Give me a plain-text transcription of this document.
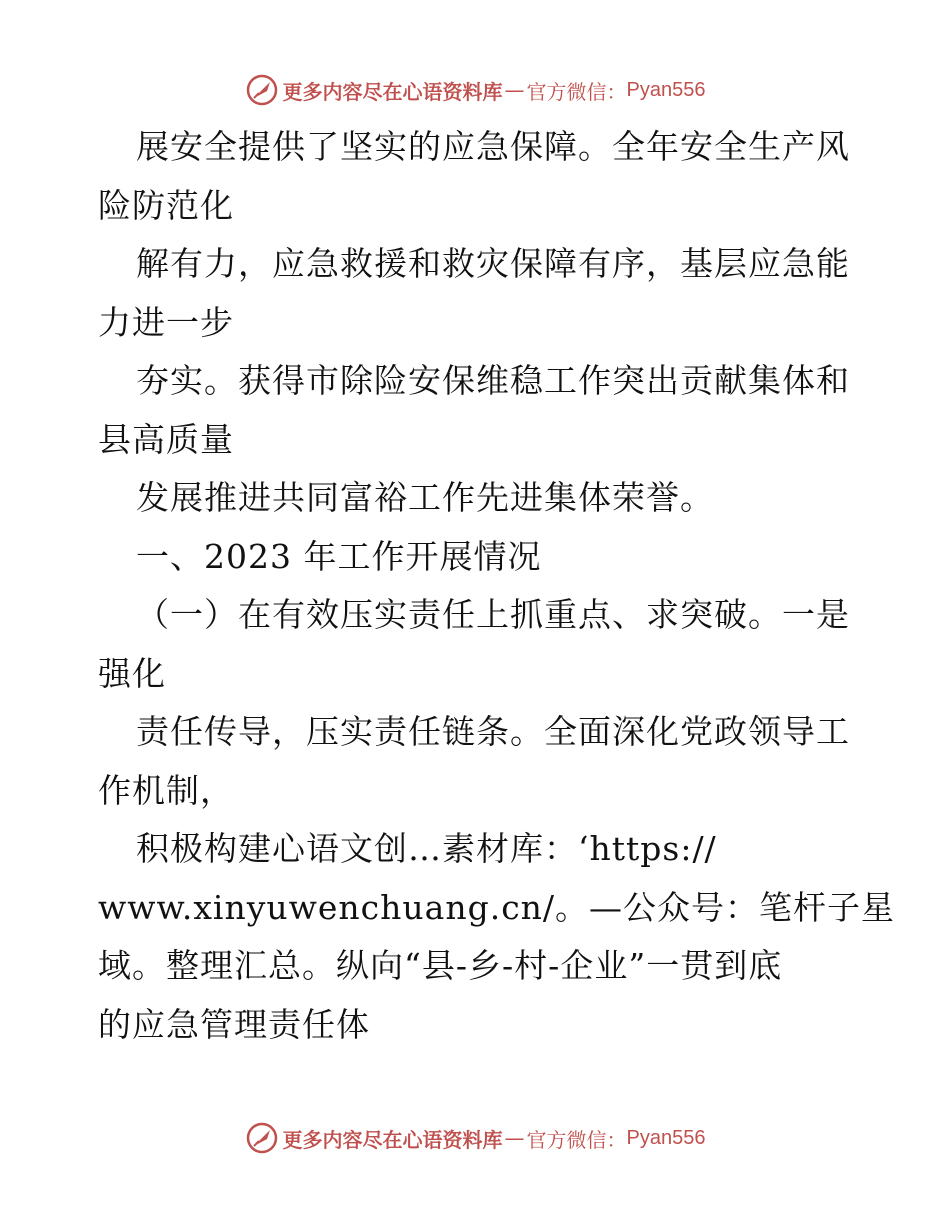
更多内容尽在心语资料库 — 官方微信： Pyan556
展安全提供了坚实的应急保障。全年安全生产风
险防范化
解有力，应急救援和救灾保障有序，基层应急能
力进一步
夯实。获得市除险安保维稳工作突出贡献集体和
县高质量
发展推进共同富裕工作先进集体荣誉。
一、2023 年工作开展情况
（一）在有效压实责任上抓重点、求突破。一是
强化
责任传导，压实责任链条。全面深化党政领导工
作机制，
积极构建心语文创…素材库：‘https://
www.xinyuwenchuang.cn/。—公众号：笔杆子星
域。整理汇总。纵向“县-乡-村-企业”一贯到底
的应急管理责任体
更多内容尽在心语资料库 — 官方微信： Pyan556
